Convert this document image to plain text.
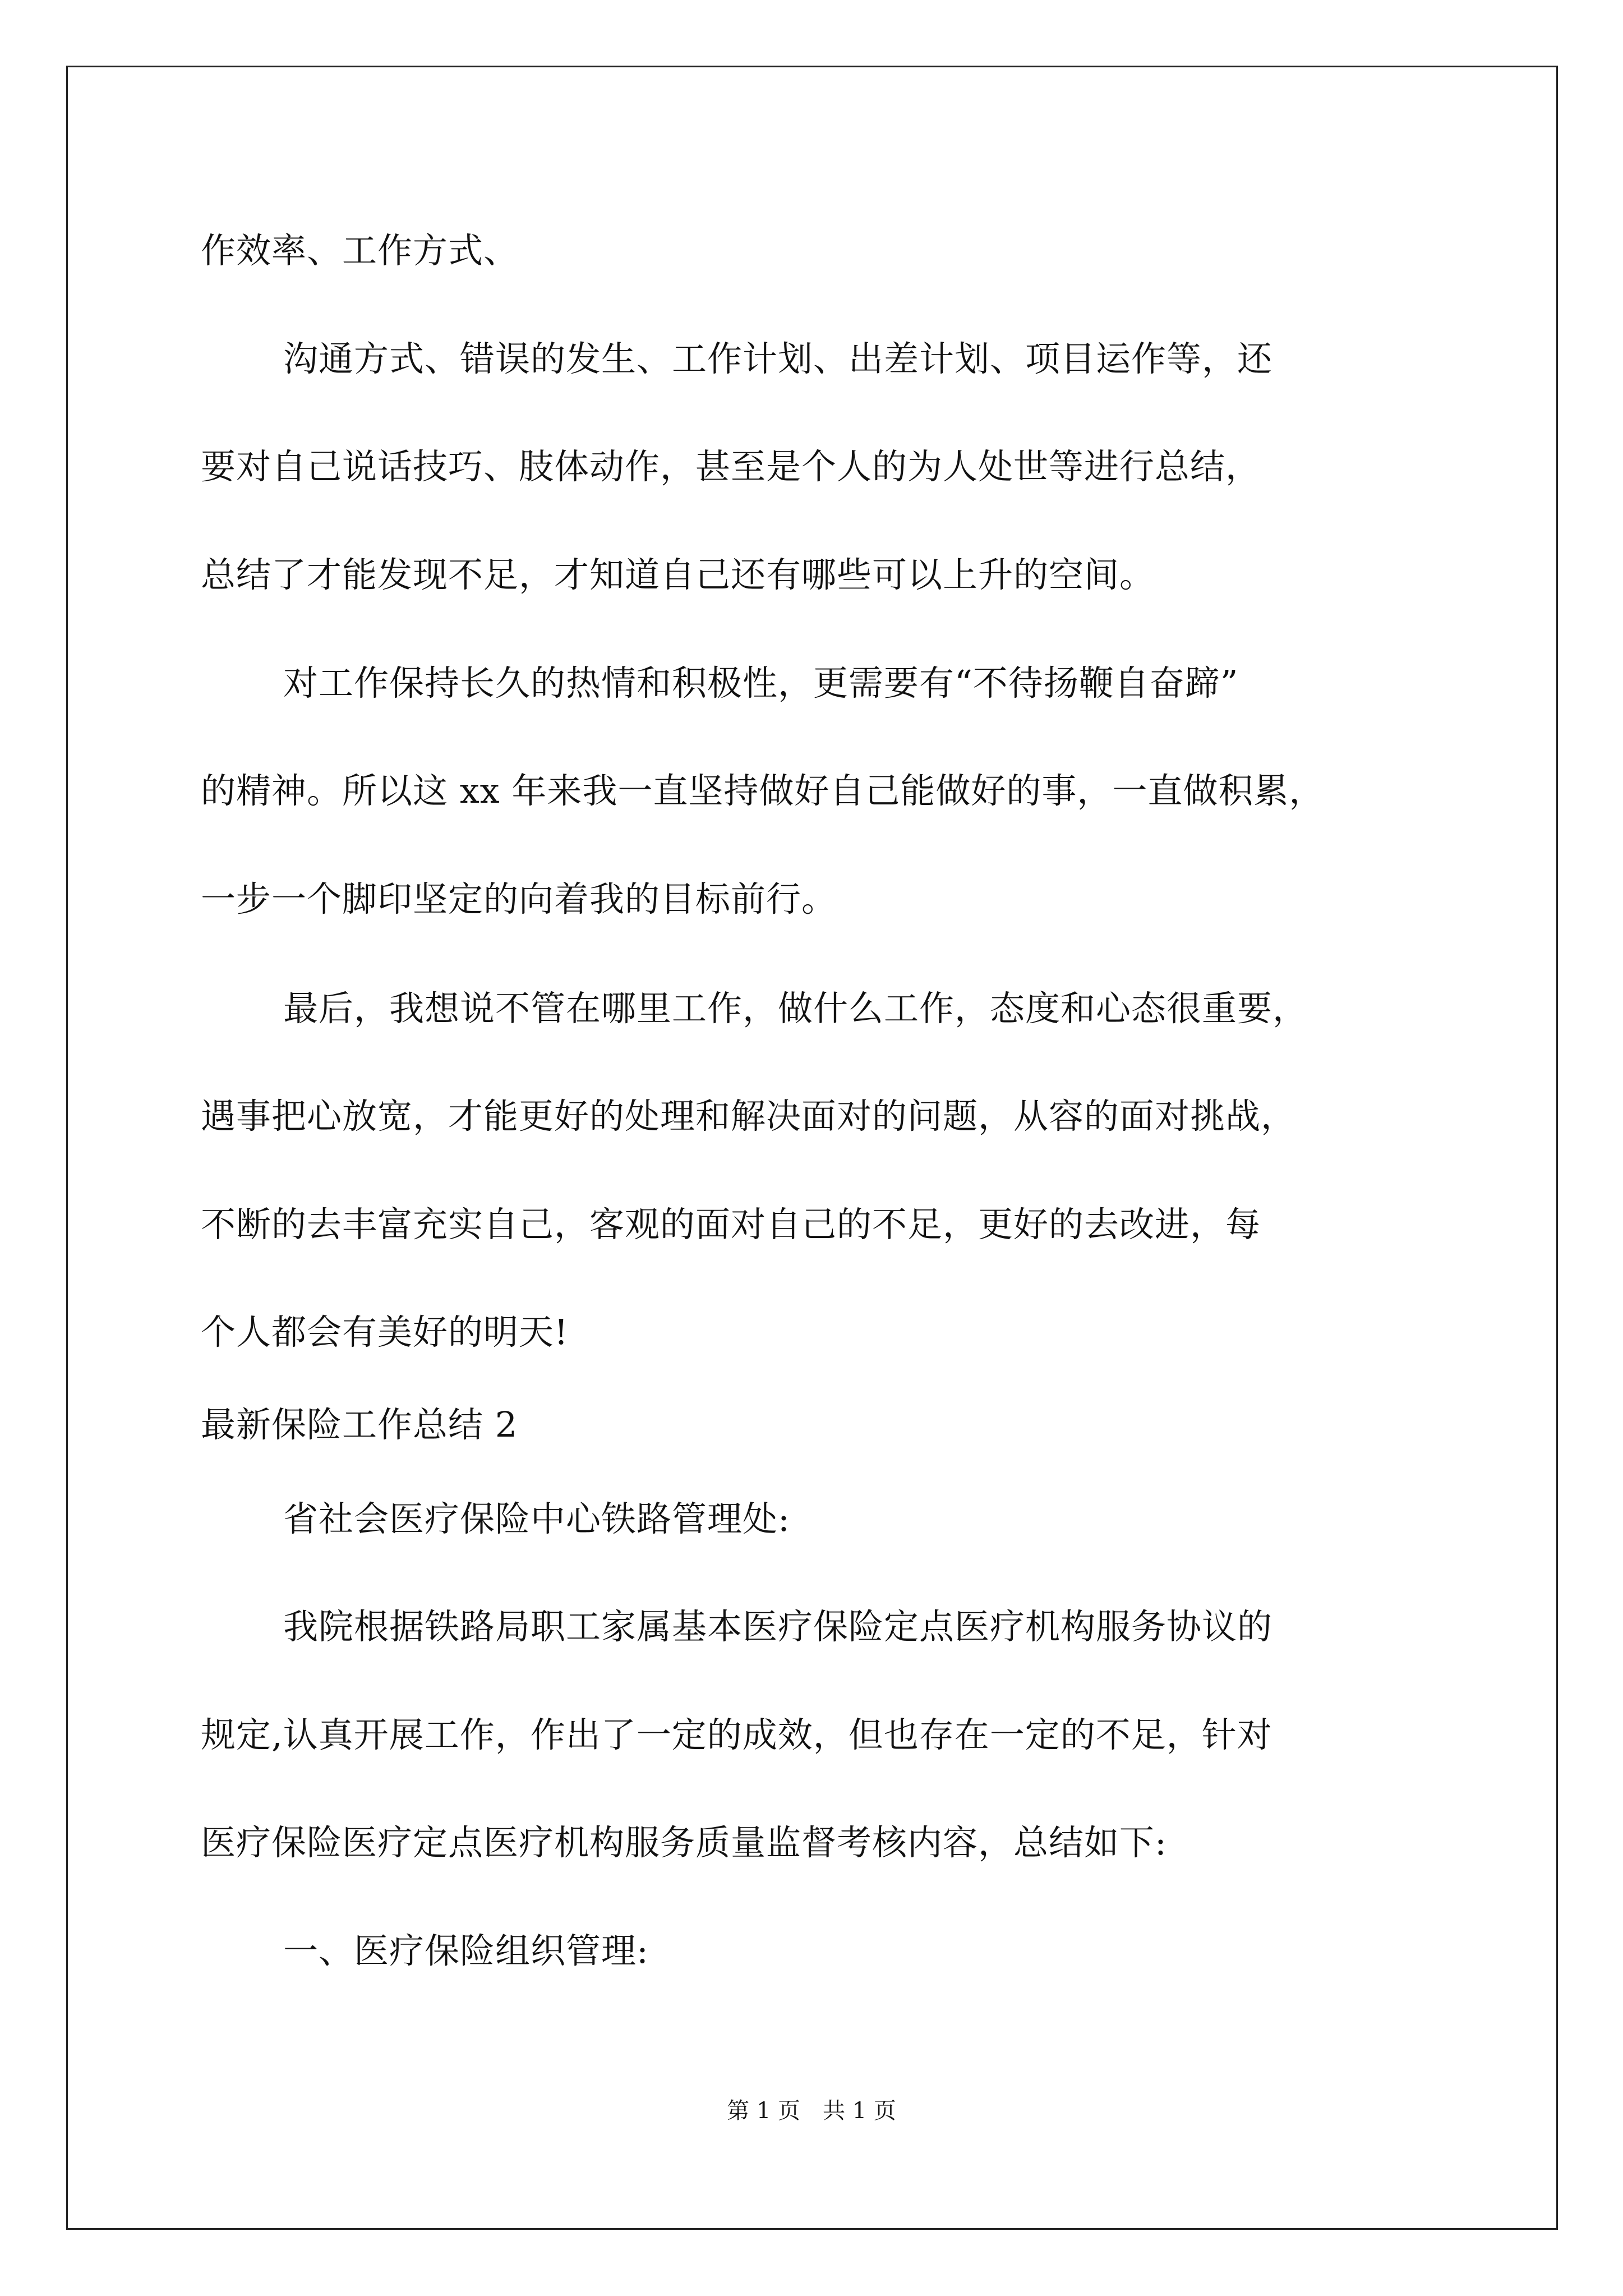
作效率、工作方式、

沟通方式、错误的发生、工作计划、出差计划、项目运作等，还

要对自己说话技巧、肢体动作，甚至是个人的为人处世等进行总结，

总结了才能发现不足，才知道自己还有哪些可以上升的空间。

对工作保持长久的热情和积极性，更需要有“不待扬鞭自奋蹄”

的精神。所以这 xx 年来我一直坚持做好自己能做好的事，一直做积累，

一步一个脚印坚定的向着我的目标前行。

最后，我想说不管在哪里工作，做什么工作，态度和心态很重要，

遇事把心放宽，才能更好的处理和解决面对的问题，从容的面对挑战，

不断的去丰富充实自己，客观的面对自己的不足，更好的去改进，每

个人都会有美好的明天!

最新保险工作总结 2

省社会医疗保险中心铁路管理处:

我院根据铁路局职工家属基本医疗保险定点医疗机构服务协议的

规定,认真开展工作，作出了一定的成效，但也存在一定的不足，针对

医疗保险医疗定点医疗机构服务质量监督考核内容，总结如下:

一、医疗保险组织管理:

第 1 页 共 1 页
